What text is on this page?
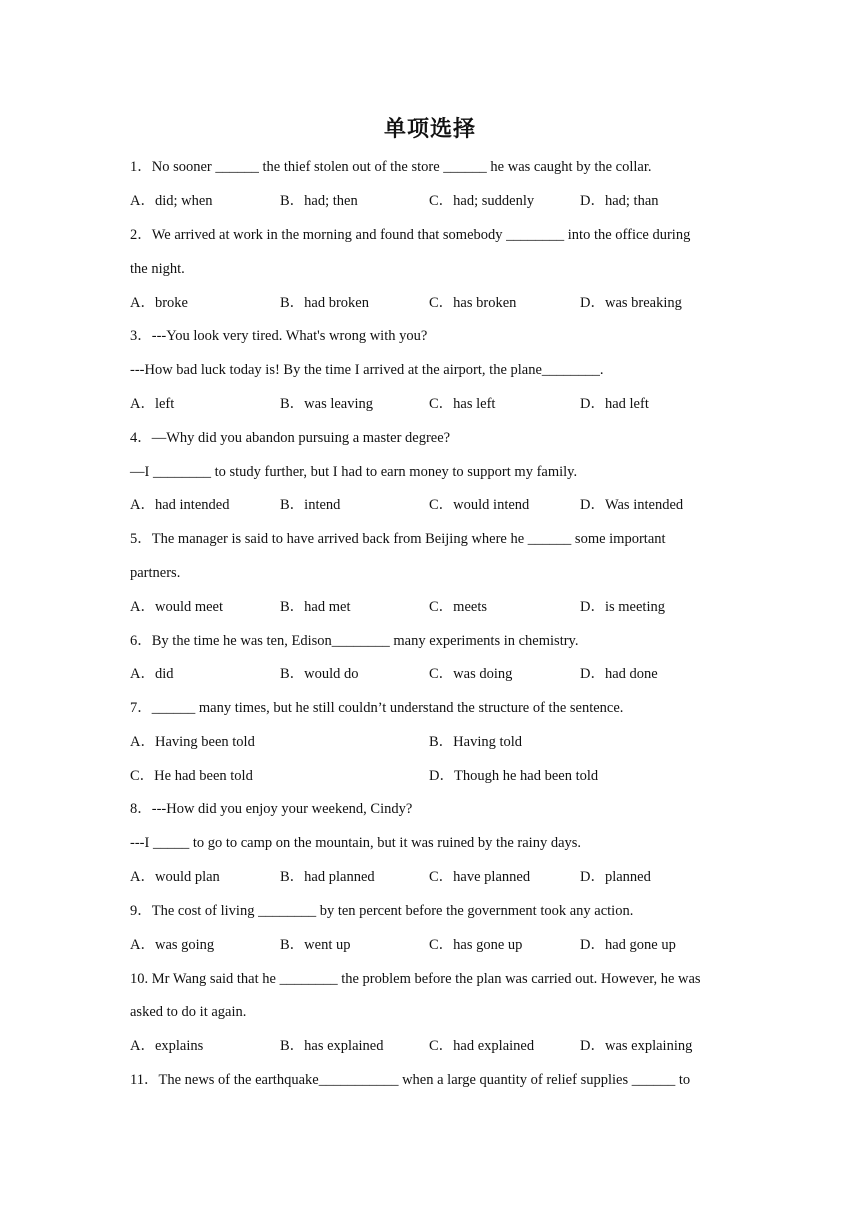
单项选择
1．No sooner ______ the thief stolen out of the store ______ he was caught by the collar.
A．did; when	B．had; then	C．had; suddenly	D．had; than
2．We arrived at work in the morning and found that somebody ________ into the office during
the night.
A．broke	B．had broken	C．has broken	D．was breaking
3．---You look very tired. What's wrong with you?
---How bad luck today is! By the time I arrived at the airport, the plane________.
A．left	B．was leaving	C．has left	D．had left
4．—Why did you abandon pursuing a master degree?
—I ________ to study further, but I had to earn money to support my family.
A．had intended	B．intend	C．would intend	D．Was intended
5．The manager is said to have arrived back from Beijing where he ______ some important
partners.
A．would meet	B．had met	C．meets	D．is meeting
6．By the time he was ten, Edison________ many experiments in chemistry.
A．did	B．would do	C．was doing	D．had done
7．______ many times, but he still couldn’t understand the structure of the sentence.
A．Having been told	B．Having told
C．He had been told	D．Though he had been told
8．---How did you enjoy your weekend, Cindy?
---I _____ to go to camp on the mountain, but it was ruined by the rainy days.
A．would plan	B．had planned	C．have planned	D．planned
9．The cost of living ________ by ten percent before the government took any action.
A．was going	B．went up	C．has gone up	D．had gone up
10. Mr Wang said that he ________ the problem before the plan was carried out. However, he was
asked to do it again.
A．explains	B．has explained	C．had explained	D．was explaining
11．The news of the earthquake___________ when a large quantity of relief supplies ______ to
